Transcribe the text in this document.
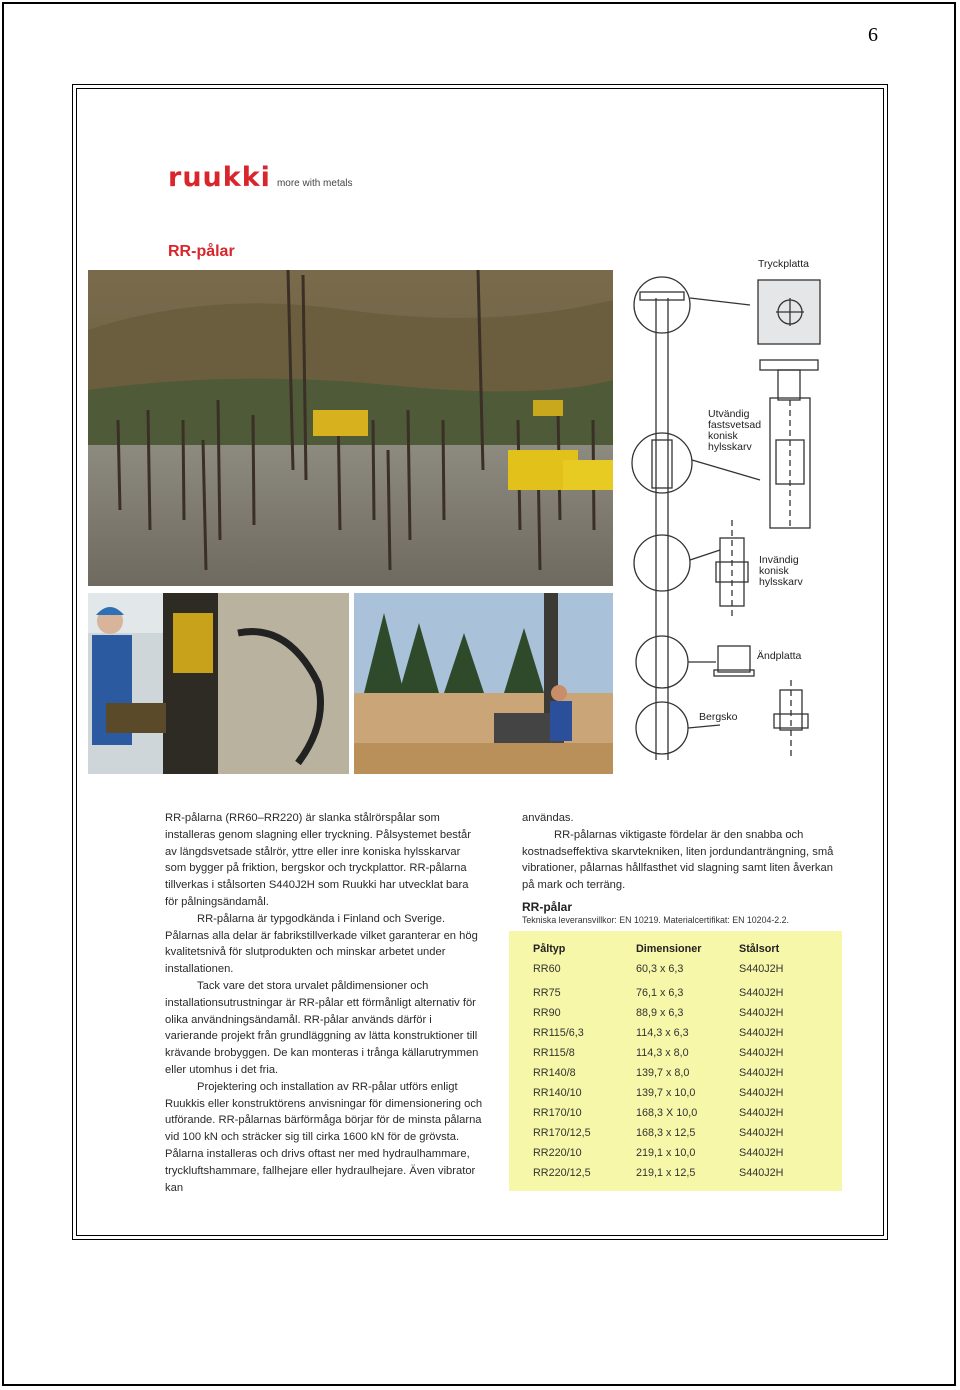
6
ruukki more with metals
RR-pålar
Tryckplatta
Utvändig
fastsvetsad
konisk
hylsskarv
Invändig
konisk
hylsskarv
Ändplatta
Bergsko

RR-pålarna (RR60–RR220) är slanka stålrörspålar som installeras genom slagning eller tryckning. Pålsystemet består av längdsvetsade stålrör, yttre eller inre koniska hylsskarvar som bygger på friktion, bergskor och tryckplattor. RR-pålarna tillverkas i stålsorten S440J2H som Ruukki har utvecklat bara för pålningsändamål.

RR-pålarna är typgodkända i Finland och Sverige. Pålarnas alla delar är fabrikstillverkade vilket garanterar en hög kvalitetsnivå för slutprodukten och minskar arbetet under installationen.

Tack vare det stora urvalet påldimensioner och installationsutrustningar är RR-pålar ett förmånligt alternativ för olika användningsändamål. RR-pålar används därför i varierande projekt från grundläggning av lätta konstruktioner till krävande brobyggen. De kan monteras i trånga källarutrymmen eller utomhus i det fria.

Projektering och installation av RR-pålar utförs enligt Ruukkis eller konstruktörens anvisningar för dimensionering och utförande. RR-pålarnas bärförmåga börjar för de minsta pålarna vid 100 kN och sträcker sig till cirka 1600 kN för de grövsta. Pålarna installeras och drivs oftast ner med hydraulhammare, tryckluftshammare, fallhejare eller hydraulhejare. Även vibrator kan

användas.

RR-pålarnas viktigaste fördelar är den snabba och kostnadseffektiva skarvtekniken, liten jordundanträngning, små vibrationer, pålarnas hållfasthet vid slagning samt liten åverkan på mark och terräng.

RR-pålar
Tekniska leveransvillkor: EN 10219. Materialcertifikat: EN 10204-2.2.
Påltyp	Dimensioner	Stålsort
RR60	60,3 x 6,3	S440J2H

RR75	76,1 x 6,3	S440J2H
RR90	88,9 x 6,3	S440J2H
RR115/6,3	114,3 x 6,3	S440J2H
RR115/8	114,3 x 8,0	S440J2H
RR140/8	139,7 x 8,0	S440J2H
RR140/10	139,7 x 10,0	S440J2H
RR170/10	168,3 X 10,0	S440J2H
RR170/12,5	168,3 x 12,5	S440J2H
RR220/10	219,1 x 10,0	S440J2H
RR220/12,5	219,1 x 12,5	S440J2H
